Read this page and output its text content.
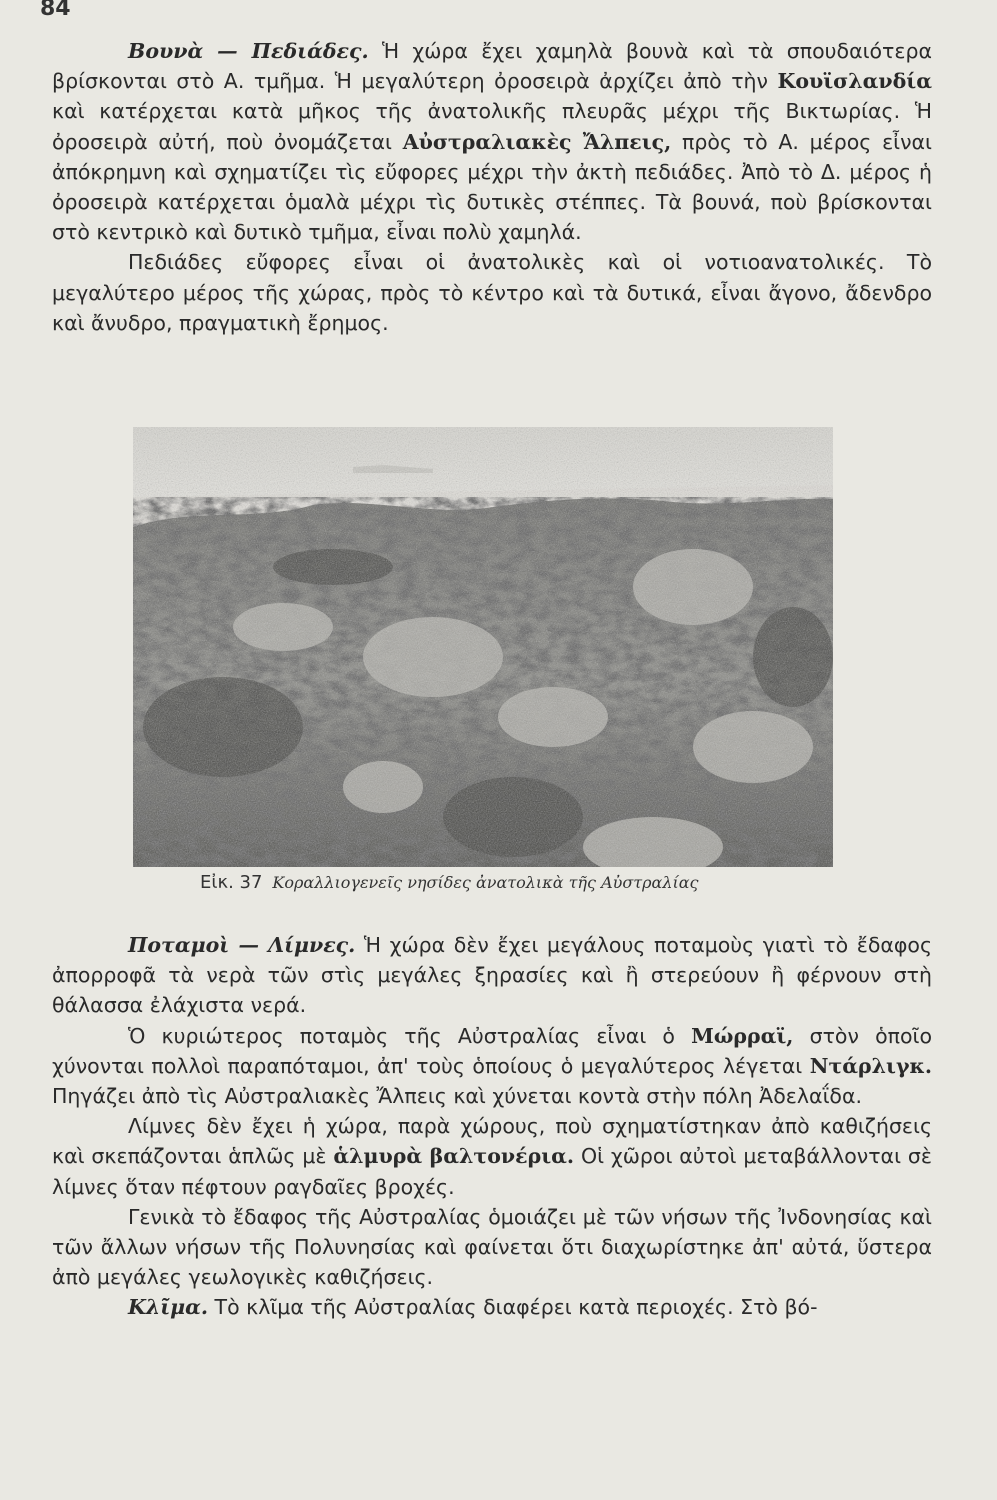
84

Βουνὰ — Πεδιάδες. Ἡ χώρα ἔχει χαμηλὰ βουνὰ καὶ τὰ σπουδαιότερα βρίσκονται στὸ Α. τμῆμα. Ἡ μεγαλύτερη ὀροσειρὰ ἀρχίζει ἀπὸ τὴν Κουϊσλανδία καὶ κατέρχεται κατὰ μῆκος τῆς ἀνατολικῆς πλευρᾶς μέχρι τῆς Βικτωρίας. Ἡ ὀροσειρὰ αὐτή, ποὺ ὀνομάζεται Αὐστραλιακὲς Ἄλπεις, πρὸς τὸ Α. μέρος εἶναι ἀπόκρημνη καὶ σχηματίζει τὶς εὔφορες μέχρι τὴν ἀκτὴ πεδιάδες. Ἀπὸ τὸ Δ. μέρος ἡ ὀροσειρὰ κατέρχεται ὁμαλὰ μέχρι τὶς δυτικὲς στέππες. Τὰ βουνά, ποὺ βρίσκονται στὸ κεντρικὸ καὶ δυτικὸ τμῆμα, εἶναι πολὺ χαμηλά.

Πεδιάδες εὔφορες εἶναι οἱ ἀνατολικὲς καὶ οἱ νοτιοανατολικές. Τὸ μεγαλύτερο μέρος τῆς χώρας, πρὸς τὸ κέντρο καὶ τὰ δυτικά, εἶναι ἄγονο, ἄδενδρο καὶ ἄνυδρο, πραγματικὴ ἔρημος.

Εἰκ. 37 Κοραλλιογενεῖς νησίδες ἀνατολικὰ τῆς Αὐστραλίας

Ποταμοὶ — Λίμνες. Ἡ χώρα δὲν ἔχει μεγάλους ποταμοὺς γιατὶ τὸ ἔδαφος ἀπορροφᾶ τὰ νερὰ τῶν στὶς μεγάλες ξηρασίες καὶ ἢ στερεύουν ἢ φέρνουν στὴ θάλασσα ἐλάχιστα νερά.

Ὁ κυριώτερος ποταμὸς τῆς Αὐστραλίας εἶναι ὁ Μώρραϊ, στὸν ὁποῖο χύνονται πολλοὶ παραπόταμοι, ἀπ' τοὺς ὁποίους ὁ μεγαλύτερος λέγεται Ντάρλιγκ. Πηγάζει ἀπὸ τὶς Αὐστραλιακὲς Ἄλπεις καὶ χύνεται κοντὰ στὴν πόλη Ἀδελαΐδα.

Λίμνες δὲν ἔχει ἡ χώρα, παρὰ χώρους, ποὺ σχηματίστηκαν ἀπὸ καθιζήσεις καὶ σκεπάζονται ἁπλῶς μὲ ἁλμυρὰ βαλτονέρια. Οἱ χῶροι αὐτοὶ μεταβάλλονται σὲ λίμνες ὅταν πέφτουν ραγδαῖες βροχές.

Γενικὰ τὸ ἔδαφος τῆς Αὐστραλίας ὁμοιάζει μὲ τῶν νήσων τῆς Ἰνδονησίας καὶ τῶν ἄλλων νήσων τῆς Πολυνησίας καὶ φαίνεται ὅτι διαχωρίστηκε ἀπ' αὐτά, ὕστερα ἀπὸ μεγάλες γεωλογικὲς καθιζήσεις.

Κλῖμα. Τὸ κλῖμα τῆς Αὐστραλίας διαφέρει κατὰ περιοχές. Στὸ βό-
